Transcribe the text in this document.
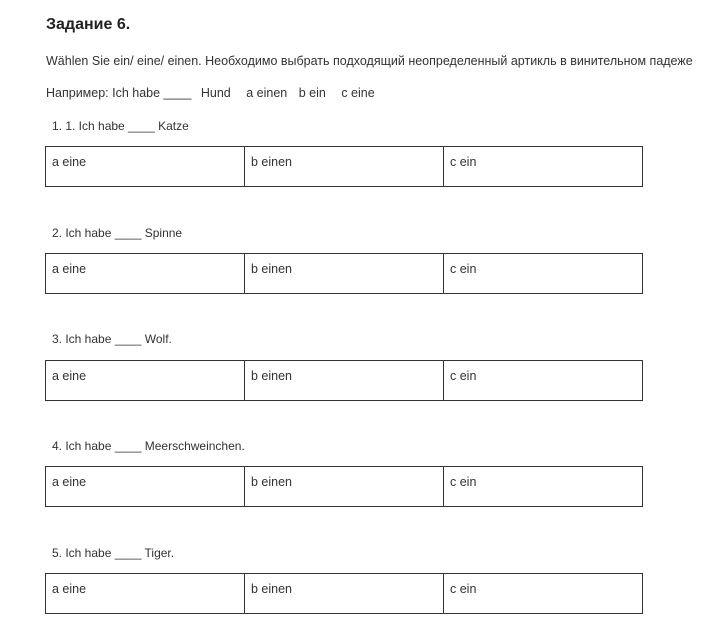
Задание 6.
Wählen Sie ein/ eine/ einen. Необходимо выбрать подходящий неопределенный артикль в винительном падеже
Например: Ich habe ____ Hund a einen b ein c eine
1. 1. Ich habe ____ Katze
a eine	b einen	c ein
2. Ich habe ____ Spinne
a eine	b einen	c ein
3. Ich habe ____ Wolf.
a eine	b einen	c ein
4. Ich habe ____ Meerschweinchen.
a eine	b einen	c ein
5. Ich habe ____ Tiger.
a eine	b einen	c ein
